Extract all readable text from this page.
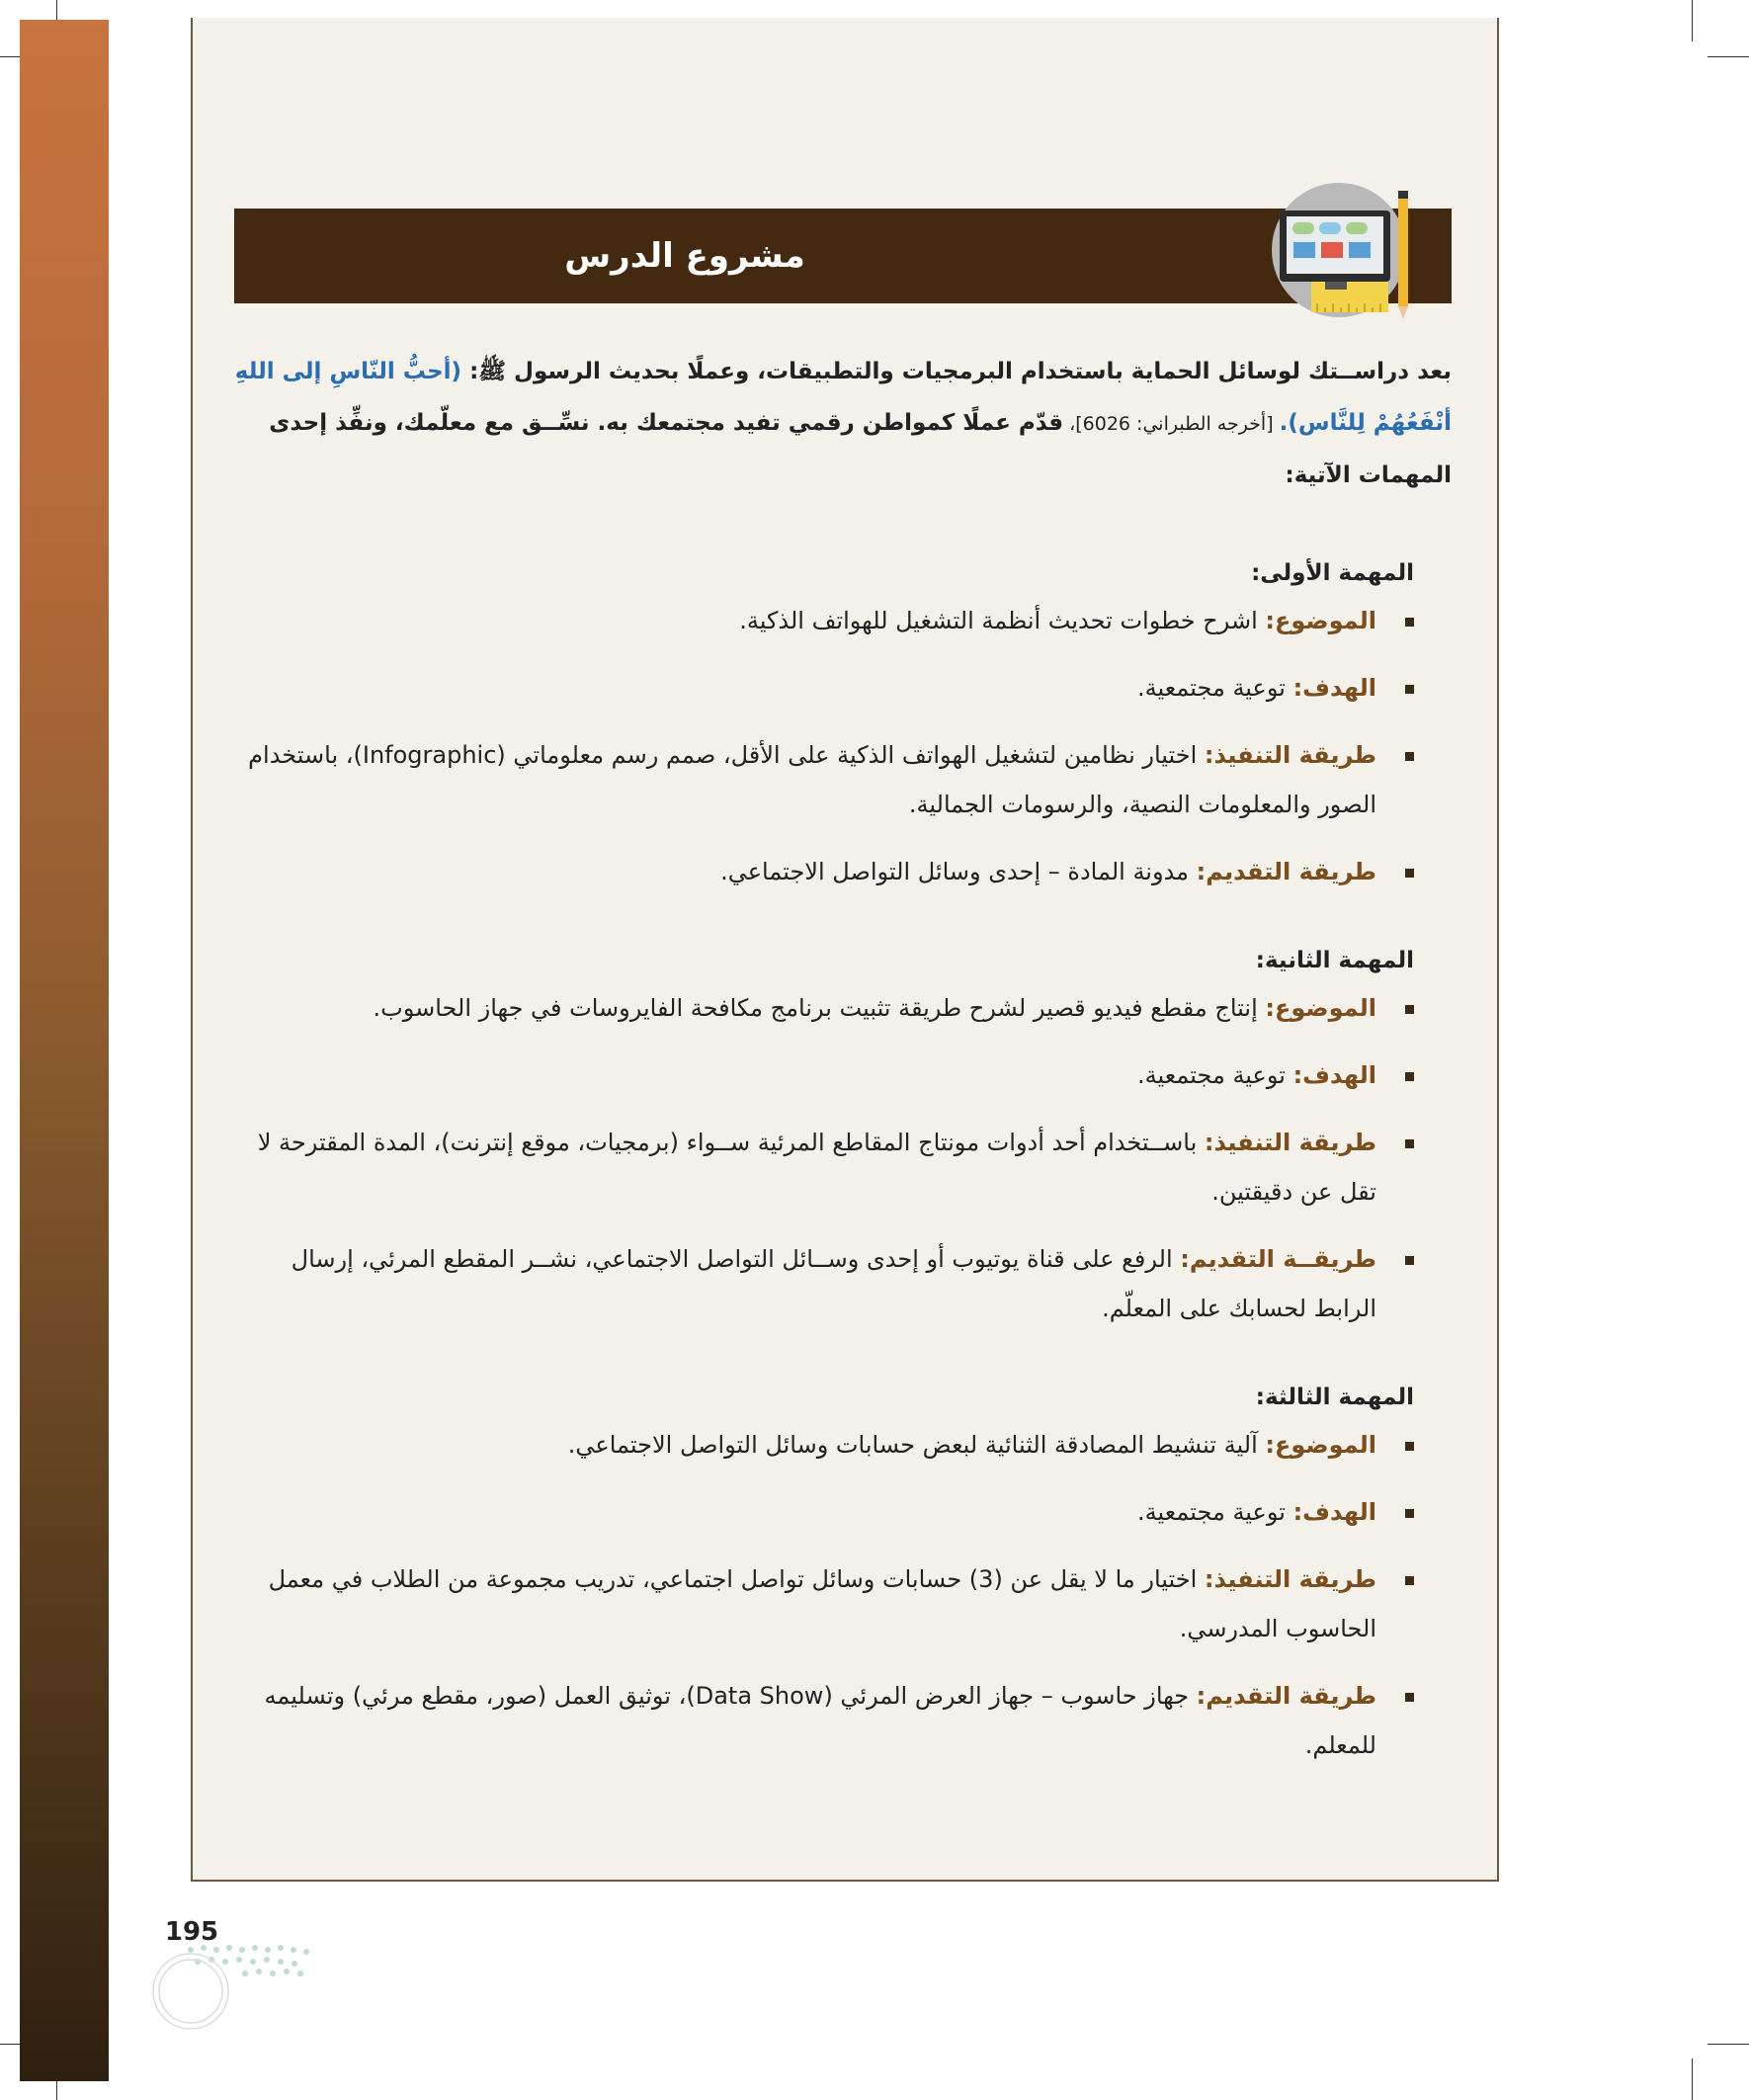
مشروع الدرس

بعد دراســتك لوسائل الحماية باستخدام البرمجيات والتطبيقات، وعملًا بحديث الرسول ﷺ: (أحبُّ النّاسِ إلى اللهِ أنْفَعُهُمْ لِلنَّاس). [أخرجه الطبراني: 6026]، قدّم عملًا كمواطن رقمي تفيد مجتمعك به. نسِّــق مع معلّمك، ونفِّذ إحدى المهمات الآتية:

المهمة الأولى:

الموضوع: اشرح خطوات تحديث أنظمة التشغيل للهواتف الذكية.
الهدف: توعية مجتمعية.
طريقة التنفيذ: اختيار نظامين لتشغيل الهواتف الذكية على الأقل، صمم رسم معلوماتي (Infographic)، باستخدام الصور والمعلومات النصية، والرسومات الجمالية.
طريقة التقديم: مدونة المادة – إحدى وسائل التواصل الاجتماعي.

المهمة الثانية:

الموضوع: إنتاج مقطع فيديو قصير لشرح طريقة تثبيت برنامج مكافحة الفايروسات في جهاز الحاسوب.
الهدف: توعية مجتمعية.
طريقة التنفيذ: باســتخدام أحد أدوات مونتاج المقاطع المرئية ســواء (برمجيات، موقع إنترنت)، المدة المقترحة لا تقل عن دقيقتين.
طريقــة التقديم: الرفع على قناة يوتيوب أو إحدى وســائل التواصل الاجتماعي، نشــر المقطع المرئي، إرسال الرابط لحسابك على المعلّم.

المهمة الثالثة:

الموضوع: آلية تنشيط المصادقة الثنائية لبعض حسابات وسائل التواصل الاجتماعي.
الهدف: توعية مجتمعية.
طريقة التنفيذ: اختيار ما لا يقل عن (3) حسابات وسائل تواصل اجتماعي، تدريب مجموعة من الطلاب في معمل الحاسوب المدرسي.
طريقة التقديم: جهاز حاسوب – جهاز العرض المرئي (Data Show)، توثيق العمل (صور، مقطع مرئي) وتسليمه للمعلم.
195
